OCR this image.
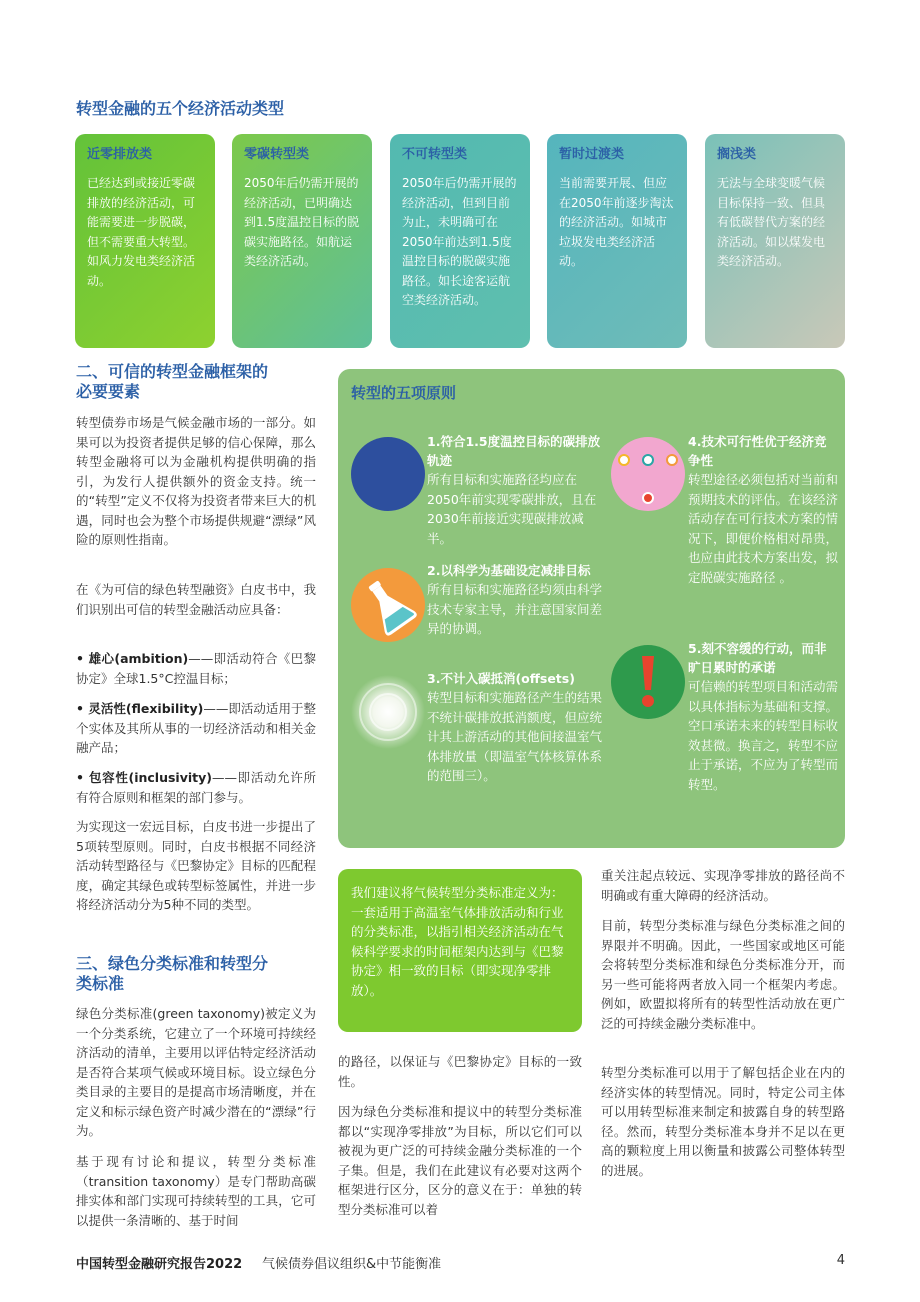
转型金融的五个经济活动类型
近零排放类
已经达到或接近零碳排放的经济活动，可能需要进一步脱碳，但不需要重大转型。如风力发电类经济活动。
零碳转型类
2050年后仍需开展的经济活动，已明确达到1.5度温控目标的脱碳实施路径。如航运类经济活动。
不可转型类
2050年后仍需开展的经济活动，但到目前为止，未明确可在2050年前达到1.5度温控目标的脱碳实施路径。如长途客运航空类经济活动。
暂时过渡类
当前需要开展、但应在2050年前逐步淘汰的经济活动。如城市垃圾发电类经济活动。
搁浅类
无法与全球变暖气候目标保持一致、但具有低碳替代方案的经济活动。如以煤发电类经济活动。
二、可信的转型金融框架的
必要要素
转型债券市场是气候金融市场的一部分。如果可以为投资者提供足够的信心保障，那么转型金融将可以为金融机构提供明确的指引，为发行人提供额外的资金支持。统一的“转型”定义不仅将为投资者带来巨大的机遇，同时也会为整个市场提供规避“漂绿”风险的原则性指南。
在《为可信的绿色转型融资》白皮书中，我们识别出可信的转型金融活动应具备：
• 雄心(ambition)——即活动符合《巴黎协定》全球1.5°C控温目标；
• 灵活性(flexibility)——即活动适用于整个实体及其所从事的一切经济活动和相关金融产品；
• 包容性(inclusivity)——即活动允许所有符合原则和框架的部门参与。
为实现这一宏远目标，白皮书进一步提出了5项转型原则。同时，白皮书根据不同经济活动转型路径与《巴黎协定》目标的匹配程度，确定其绿色或转型标签属性，并进一步将经济活动分为5种不同的类型。
三、绿色分类标准和转型分
类标准
绿色分类标准(green taxonomy)被定义为一个分类系统，它建立了一个环境可持续经济活动的清单，主要用以评估特定经济活动是否符合某项气候或环境目标。设立绿色分类目录的主要目的是提高市场清晰度，并在定义和标示绿色资产时减少潜在的“漂绿”行为。
基于现有讨论和提议，转型分类标准（transition taxonomy）是专门帮助高碳排实体和部门实现可持续转型的工具，它可以提供一条清晰的、基于时间
转型的五项原则
1.符合1.5度温控目标的碳排放轨迹
所有目标和实施路径均应在2050年前实现零碳排放，且在2030年前接近实现碳排放减半。
2.以科学为基础设定减排目标
所有目标和实施路径均须由科学技术专家主导，并注意国家间差异的协调。
3.不计入碳抵消(offsets)
转型目标和实施路径产生的结果不统计碳排放抵消额度，但应统计其上游活动的其他间接温室气体排放量（即温室气体核算体系的范围三）。
4.技术可行性优于经济竞争性
转型途径必须包括对当前和预期技术的评估。在该经济活动存在可行技术方案的情况下，即便价格相对昂贵，也应由此技术方案出发，拟定脱碳实施路径 。
5.刻不容缓的行动，而非旷日累时的承诺
可信赖的转型项目和活动需以具体指标为基础和支撑。空口承诺未来的转型目标收效甚微。换言之，转型不应止于承诺，不应为了转型而转型。
我们建议将气候转型分类标准定义为：一套适用于高温室气体排放活动和行业的分类标准，以指引相关经济活动在气候科学要求的时间框架内达到与《巴黎协定》相一致的目标（即实现净零排放）。
的路径，以保证与《巴黎协定》目标的一致性。
因为绿色分类标准和提议中的转型分类标准都以“实现净零排放”为目标，所以它们可以被视为更广泛的可持续金融分类标准的一个子集。但是，我们在此建议有必要对这两个框架进行区分，区分的意义在于：单独的转型分类标准可以着
重关注起点较远、实现净零排放的路径尚不明确或有重大障碍的经济活动。
目前，转型分类标准与绿色分类标准之间的界限并不明确。因此，一些国家或地区可能会将转型分类标准和绿色分类标准分开，而另一些可能将两者放入同一个框架内考虑。例如，欧盟拟将所有的转型性活动放在更广泛的可持续金融分类标准中。
转型分类标准可以用于了解包括企业在内的经济实体的转型情况。同时，特定公司主体可以用转型标准来制定和披露自身的转型路径。然而，转型分类标准本身并不足以在更高的颗粒度上用以衡量和披露公司整体转型的进展。
中国转型金融研究报告2022 气候债券倡议组织&中节能衡准	4
